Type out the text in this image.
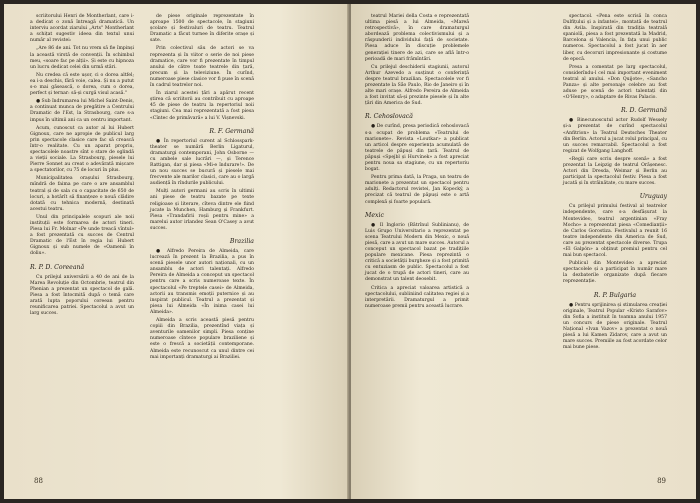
scriitorului Henri de Montherlant, care i-a dedicat o zonă întreagă dramatică. Un interviu acordat ziarului „Arts" Montherlant a schițat sugestiv ideea din textul unui număr al revistei:

„Are 86 de ani. Tot nu vrem să fie împinși la această virstă de convenții. În schimbul meu, «soare fac pe alții». Și este cu hipnoza un lucru dedicat celei din urmă stări.

Nu credea că este ușor, ci o dorea altfel; ea i-a deschis, fără voie, calea. Și nu a putut s-o mai găsească, o dorea, cum o dorea, perfect și ternar: să-și curgă visul acasă."

● Sub îndrumarea lui Michel Saint-Denis, a continuat munca de pregătire a Centrului Dramatic de l'Est, la Strasbourg, care s-a impus în ultimii ani ca un centru important.

Acum, cunoscut ca autor al lui Hubert Gignoux, care ne apropie de publicul larg prin spectacole clasice care fac să crească într-o realitate. Cu un aparat propriu, spectacolele noastre sînt o stare de oglindă a vieții sociale. La Strasbourg, piesele lui Pierre Sonnet au creat o adevărată mișcare a spectatorilor, cu 75 de locuri în plus.

Municipalitatea orașului Strasbourg, mîndră de faima pe care o are ansamblul teatral și de sala cu o capacitate de 650 de locuri, a hotărît să finanțeze o nouă clădire dotată cu tehnica modernă, destinată acestui teatru.

Unul din principalele scopuri ale noii instituții este formarea de actori tineri. Piesa lui Fr. Molnar «Pe unde treacă vîntul» a fost prezentată cu succes de Centrul Dramatic de l'Est în regia lui Hubert Gignoux și sub numele de «Oamenii în doliu».

R. P. D. Coreeană

Cu prilejul aniversării a 40 de ani de la Marea Revoluție din Octombrie, teatrul din Phenian a prezentat un spectacol de gală. Piesa a fost întocmită după o temă care arată lupta poporului coreean pentru reunificarea patriei. Spectacolul a avut un larg succes.

de piese originale reprezentate în aproape 1500 de spectacole, în stagiuni școlare și festivaluri de teatru. Teatrul Dramatic a făcut turnee în diferite orașe și sate.

Prin colectivul său de actori se va reprezenta și în viitor o serie de noi piese dramatice, care vor fi prezentate în timpul anului de către toate teatrele din țară, precum și la televiziune. În curînd, numeroase piese clasice vor fi puse în scenă în cadrul teatrelor noi.

În ziarul acestei țări a apărut recent știrea că scriitorii au contribuit cu aproape 45 de piese de teatru la repertoriul noii stagiuni. Cea mai reprezentată a fost piesa «Cîntec de primăvară» a lui V. Vișnevski.

R. F. Germană

● În repertoriul curent al Schlosspark-theater se numără Berlin Ligaturul, dramaturgi contemporani, John Osborne — cu ambele sale lucrări —, și Terence Rattigan, dar și piesa «Mi-e îndurare!». De un nou succes se bucură și piesele mai frecvente ale marilor clasici, care au o largă audiență în rîndurile publicului.

Mulți autori germani au scris în ultimii ani piese de teatru bazate pe texte religioase și literare, cîteva dintre ele fiind jucate la Munchen, Hamburg și Frankfurt. Piesa «Trandafirii roșii pentru mine» a marelui autor irlandez Sean O'Casey a avut succes.

Brazilia

● Alfredo Pereira de Almeida, care lucrează în prezent la Brazilia, a pus în scenă piesele unor autori naționali, cu un ansamblu de actori talentați. Alfredo Pereira de Almeida a conceput un spectacol pentru care a scris numeroase texte. În spectacolul «Pe treptele casei» de Almeida, actorii au transmis emoții puternice și au inspirat publicul. Teatrul a prezentat și piesa lui Almeida «În inima casei lui Almeida».

Almeida a scris această piesă pentru copiii din Brazilia, prezentînd viața și aventurile oamenilor simpli. Piesa conține numeroase cîntece populare braziliene și este o frescă a societății contemporane. Almeida este recunoscut ca unul dintre cei mai importanți dramaturgi ai Braziliei.

88

teatrul Mariei della Costa e reprezentată ultima piesă a lui Almeida, «Mareă retrospectivă», în care dramaturgul abordează problema colectivismului și a răspunderii individului față de societate. Piesa aduce în discuție problemele generației tinere de azi, care se află într-o perioadă de mari frămîntări.

Cu prilejul deschiderii stagiunii, autorul Arthur Azevedo a susținut o conferință despre teatrul brazilian. Spectacolele vor fi prezentate la São Paulo, Rio de Janeiro și în alte mari orașe. Alfredo Pereira de Almeida a fost invitat să-și prezinte piesele și în alte țări din America de Sud.

R. Cehoslovacă

● De curînd, presa periodică cehoslovacă s-a ocupat de problema «Teatrului de marionete». Revista «Loutkar» a publicat un articol despre experiența acumulată de teatrele de păpuși din țară. Teatrul de păpuși «Spejbl și Hurvínek» a fost apreciat pentru noua sa stagiune, cu un repertoriu bogat.

Pentru prima dată, la Praga, un teatru de marionete a prezentat un spectacol pentru adulți. Redactorul revistei, Jan Kopecký, a precizat că teatrul de păpuși este o artă complexă și foarte populară.

Mexic

● Il Inglorio (Bătrînul Sublinianu), de Luis Grupo Universitario a reprezentat pe scena Teatrului Modern din Mexic, o nouă piesă, care a avut un mare succes. Autorul a conceput un spectacol bazat pe tradițiile populare mexicane. Piesa reprezintă o critică a societății burgheze și a fost primită cu entuziasm de public. Spectacolul a fost jucat de o trupă de actori tineri, care au demonstrat un talent deosebit.

Critica a apreciat valoarea artistică a spectacolului, subliniind calitatea regiei și a interpretării. Dramaturgul a primit numeroase premii pentru această lucrare.

spectacol. «Pena este scrisă în conca Dulfițului și a infantei», montată de teatrul din Avila. Inspirată din tradiția teatrală spaniolă, piesa a fost prezentată la Madrid, Barcelona și Valencia, în fața unui public numeros. Spectacolul a fost jucat în aer liber, cu decoruri impresionante și costume de epocă.

Presa a comentat pe larg spectacolul, considerîndu-l cel mai important eveniment teatral al anului. «Don Quijote», «Sancho Panza» și alte personaje celebre au fost aduse pe scenă de actori talentați din «O'Henry», o adaptare de Rivas Palacio.

R. D. Germană

● Binecunoscutul actor Rudolf Wessely și-a prezentat de curînd spectacolul «Anfitrion» la Teatrul Deutsches Theater din Berlin. Actorul a jucat rolul principal, cu un succes remarcabil. Spectacolul a fost regizat de Wolfgang Langhoff.

«Regii care scriu despre scenă» a fost prezentat la Leipzig de teatrul Orășenesc. Actori din Dresda, Weimar și Berlin au participat la spectacolul festiv. Piesa a fost jucată și în străinătate, cu mare succes.

Uruguay

Cu prilejul primului festival al teatrelor independente, care s-a desfășurat la Montevideo, teatrul argentinian «Fray Mocho» a reprezentat piesa «Comedianții» de Carlos Gorostiza. Festivalul a reunit 16 teatre independente din America de Sud, care au prezentat spectacole diverse. Trupa «El Galpón» a obținut premiul pentru cel mai bun spectacol.

Publicul din Montevideo a apreciat spectacolele și a participat în număr mare la dezbaterile organizate după fiecare reprezentație.

R. P. Bulgaria

● Pentru sprijinirea și stimularea creației originale, Teatrul Popular «Kristo Sarafov» din Sofia a instituit în toamna anului 1957 un concurs de piese originale. Teatrul Național «Ivan Vazov» a prezentat o nouă piesă a lui Kamen Zidarov, care a avut un mare succes. Premiile au fost acordate celor mai bune piese.

89
